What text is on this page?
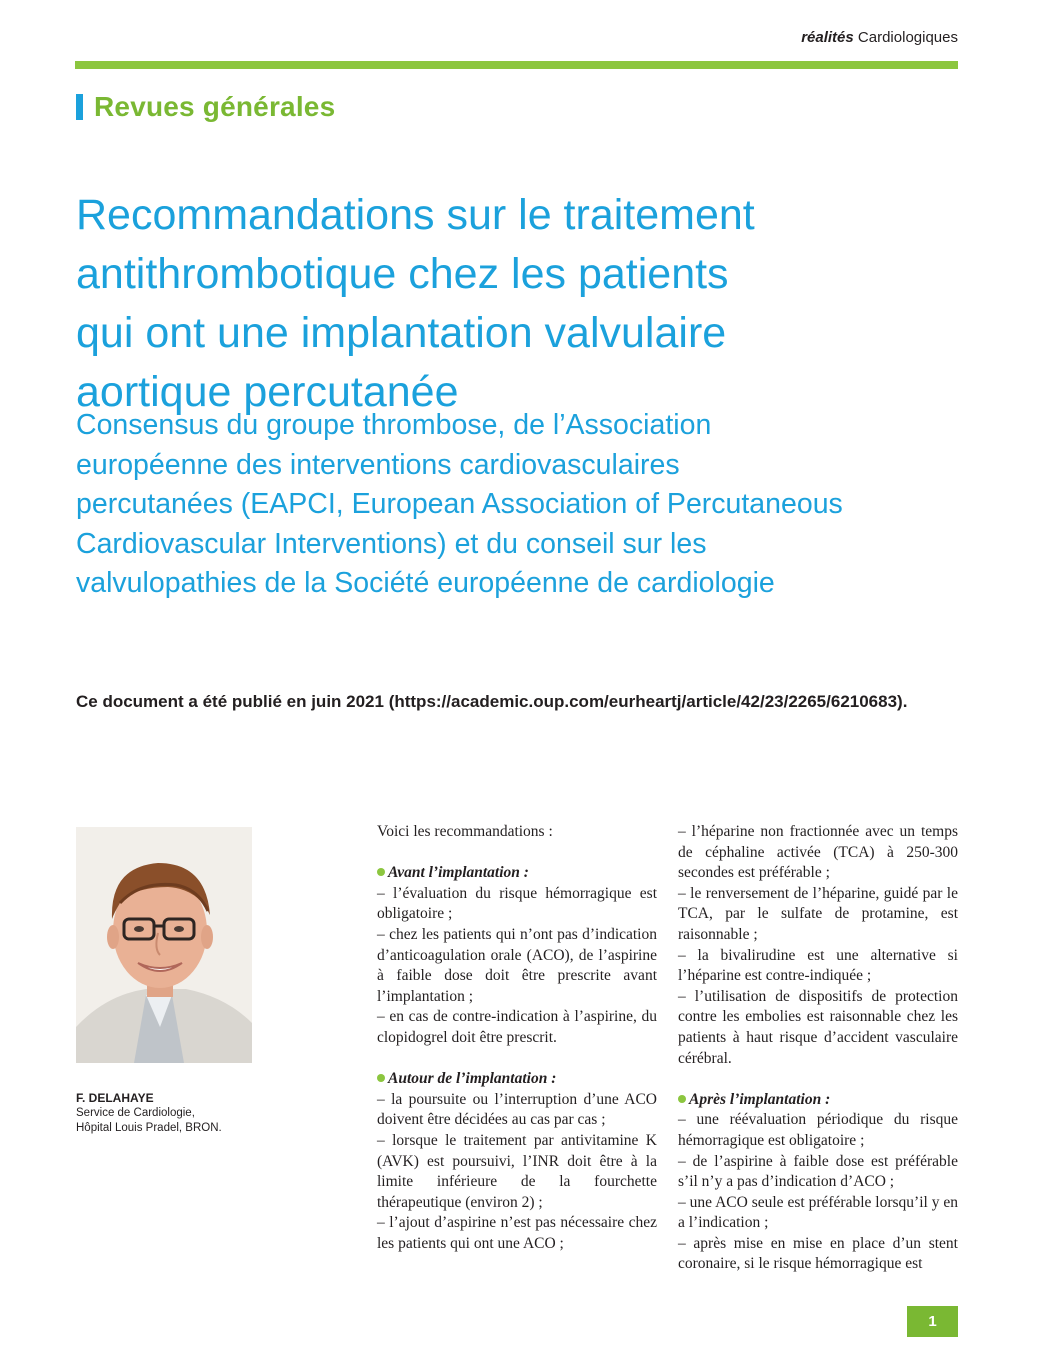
réalités Cardiologiques
Revues générales
Recommandations sur le traitement
antithrombotique chez les patients
qui ont une implantation valvulaire
aortique percutanée
Consensus du groupe thrombose, de l’Association
européenne des interventions cardiovasculaires
percutanées (EAPCI, European Association of Percutaneous
Cardiovascular Interventions) et du conseil sur les
valvulopathies de la Société européenne de cardiologie

Ce document a été publié en juin 2021 (https://academic.oup.com/eurheartj/article/42/23/2265/6210683).

F. DELAHAYE
Service de Cardiologie,
Hôpital Louis Pradel, BRON.

Voici les recommandations :

Avant l’implantation :

– l’évaluation du risque hémorragique est obligatoire ;

– chez les patients qui n’ont pas d’indication d’anticoagulation orale (ACO), de l’aspirine à faible dose doit être prescrite avant l’implantation ;

– en cas de contre-indication à l’aspirine, du clopidogrel doit être prescrit.

Autour de l’implantation :

– la poursuite ou l’interruption d’une ACO doivent être décidées au cas par cas ;

– lorsque le traitement par antivitamine K (AVK) est poursuivi, l’INR doit être à la limite inférieure de la fourchette thérapeutique (environ 2) ;

– l’ajout d’aspirine n’est pas nécessaire chez les patients qui ont une ACO ;

– l’héparine non fractionnée avec un temps de céphaline activée (TCA) à 250-300 secondes est préférable ;

– le renversement de l’héparine, guidé par le TCA, par le sulfate de protamine, est raisonnable ;

– la bivalirudine est une alternative si l’héparine est contre-indiquée ;

– l’utilisation de dispositifs de protection contre les embolies est raisonnable chez les patients à haut risque d’accident vasculaire cérébral.

Après l’implantation :

– une réévaluation périodique du risque hémorragique est obligatoire ;

– de l’aspirine à faible dose est préférable s’il n’y a pas d’indication d’ACO ;

– une ACO seule est préférable lorsqu’il y en a l’indication ;

– après mise en mise en place d’un stent coronaire, si le risque hémorragique est

1
